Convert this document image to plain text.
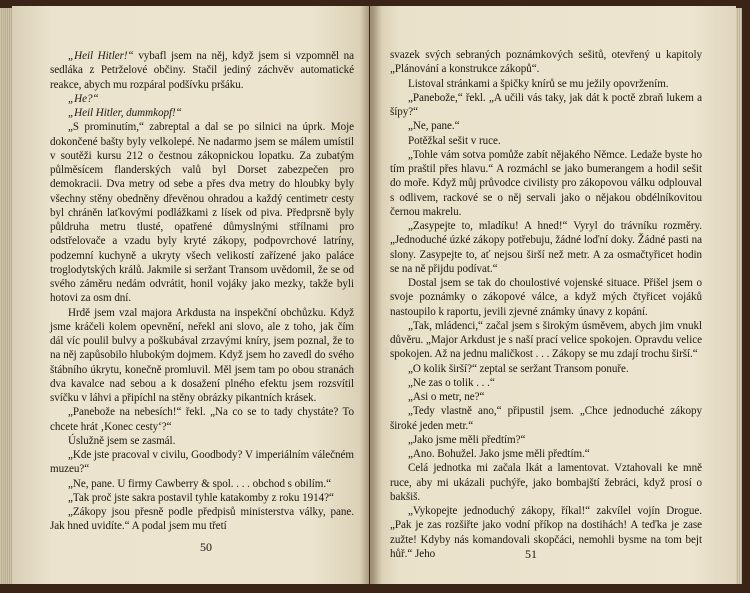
„Heil Hitler!“ vybafl jsem na něj, když jsem si vzpomněl na sedláka z Petrželové občiny. Stačil jediný záchvěv automatické reakce, abych mu rozpáral podšívku pršáku.

„He?“

„Heil Hitler, dummkopf!“

„S prominutím,“ zabreptal a dal se po silnici na úprk. Moje dokončené bašty byly velkolepé. Ne nadarmo jsem se málem umístil v soutěži kursu 212 o čestnou zákopnickou lopatku. Za zubatým půlměsícem flanderských valů byl Dorset zabezpečen pro demokracii. Dva metry od sebe a přes dva metry do hloubky byly všechny stěny obedněny dřevěnou ohradou a každý centimetr cesty byl chráněn laťkovými podlážkami z lísek od piva. Předprsně byly půldruha metru tlusté, opatřené důmyslnými střílnami pro odstřelovače a vzadu byly kryté zákopy, podpovrchové latríny, podzemní kuchyně a ukryty všech velikostí zařízené jako paláce troglodytských králů. Jakmile si seržant Transom uvědomil, že se od svého záměru nedám odvrátit, honil vojáky jako mezky, takže byli hotovi za osm dní.

Hrdě jsem vzal majora Arkdusta na inspekční obchůzku. Když jsme kráčeli kolem opevnění, neřekl ani slovo, ale z toho, jak čím dál víc poulil bulvy a poškubával zrzavými kníry, jsem poznal, že to na něj zapůsobilo hlubokým dojmem. Když jsem ho zavedl do svého štábního úkrytu, konečně promluvil. Měl jsem tam po obou stranách dva kavalce nad sebou a k dosažení plného efektu jsem rozsvítil svíčku v láhvi a připíchl na stěny obrázky pikantních krásek.

„Panebože na nebesích!“ řekl. „Na co se to tady chystáte? To chcete hrát ‚Konec cesty‘?“

Úslužně jsem se zasmál.

„Kde jste pracoval v civilu, Goodbody? V imperiálním válečném muzeu?“

„Ne, pane. U firmy Cawberry & spol. . . . obchod s obilím.“

„Tak proč jste sakra postavil tyhle katakomby z roku 1914?“

„Zákopy jsou přesně podle předpisů ministerstva války, pane. Jak hned uvidíte.“ A podal jsem mu třetí

50

svazek svých sebraných poznámkových sešitů, otevřený u kapitoly „Plánování a konstrukce zákopů“.

Listoval stránkami a špičky knírů se mu ježily opovržením.

„Panebože,“ řekl. „A učili vás taky, jak dát k poctě zbraň lukem a šípy?“

„Ne, pane.“

Potěžkal sešit v ruce.

„Tohle vám sotva pomůže zabít nějakého Němce. Ledaže byste ho tím praštil přes hlavu.“ A rozmáchl se jako bumerangem a hodil sešit do moře. Když můj průvodce civilisty pro zákopovou válku odplouval s odlivem, rackové se o něj servali jako o nějakou obdélníkovitou černou makrelu.

„Zasypejte to, mladíku! A hned!“ Vyryl do trávníku rozměry. „Jednoduché úzké zákopy potřebuju, žádné loďní doky. Žádné pasti na slony. Zasypejte to, ať nejsou širší než metr. A za osmačtyřicet hodin se na ně přijdu podívat.“

Dostal jsem se tak do choulostivé vojenské situace. Přišel jsem o svoje poznámky o zákopové válce, a když mých čtyřicet vojáků nastoupilo k raportu, jevili zjevné známky únavy z kopání.

„Tak, mládenci,“ začal jsem s širokým úsměvem, abych jim vnukl důvěru. „Major Arkdust je s naší prací velice spokojen. Opravdu velice spokojen. Až na jednu maličkost . . . Zákopy se mu zdají trochu širší.“

„O kolik širší?“ zeptal se seržant Transom ponuře.

„Ne zas o tolik . . .“

„Asi o metr, ne?“

„Tedy vlastně ano,“ připustil jsem. „Chce jednoduché zákopy široké jeden metr.“

„Jako jsme měli předtím?“

„Ano. Bohužel. Jako jsme měli předtím.“

Celá jednotka mi začala lkát a lamentovat. Vztahovali ke mně ruce, aby mi ukázali puchýře, jako bombajští žebráci, když prosí o bakšiš.

„Vykopejte jednoduchý zákopy, říkal!“ zakvílel vojín Drogue. „Pak je zas rozšiřte jako vodní příkop na dostihách! A teďka je zase zužte! Kdyby nás komandovali skopčáci, nemohli bysme na tom bejt hůř.“ Jeho	51
